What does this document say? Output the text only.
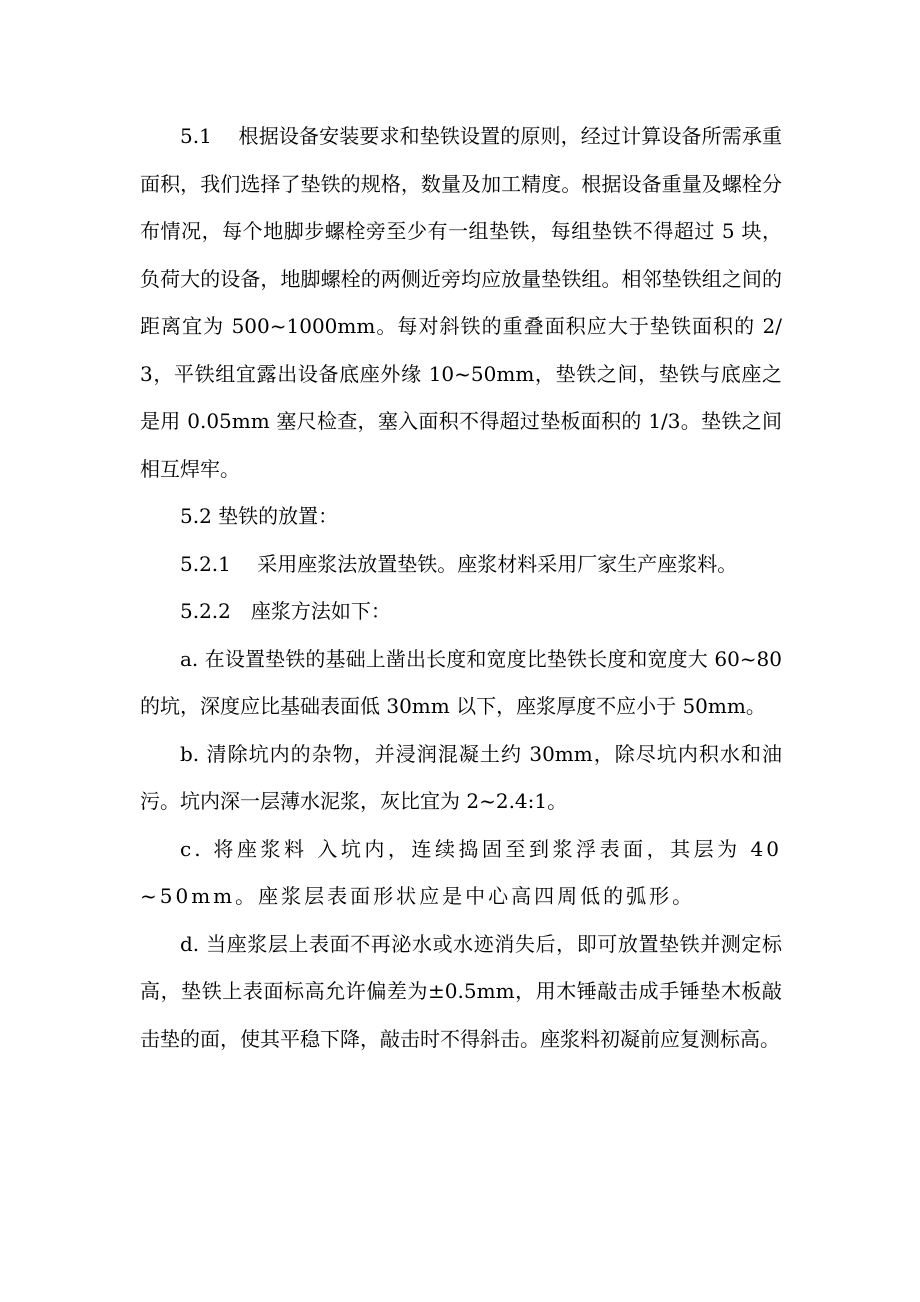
5.1　 根据设备安装要求和垫铁设置的原则，经过计算设备所需承重面积，我们选择了垫铁的规格，数量及加工精度。根据设备重量及螺栓分布情况，每个地脚步螺栓旁至少有一组垫铁，每组垫铁不得超过 5 块，负荷大的设备，地脚螺栓的两侧近旁均应放量垫铁组。相邻垫铁组之间的距离宜为 500~1000mm。每对斜铁的重叠面积应大于垫铁面积的 2/3，平铁组宜露出设备底座外缘 10~50mm，垫铁之间，垫铁与底座之是用 0.05mm 塞尺检查，塞入面积不得超过垫板面积的 1/3。垫铁之间相互焊牢。

5.2 垫铁的放置：

5.2.1　 采用座浆法放置垫铁。座浆材料采用厂家生产座浆料。

5.2.2　座浆方法如下：

a. 在设置垫铁的基础上凿出长度和宽度比垫铁长度和宽度大 60~80 的坑，深度应比基础表面低 30mm 以下，座浆厚度不应小于 50mm。

b. 清除坑内的杂物，并浸润混凝土约 30mm，除尽坑内积水和油污。坑内深一层薄水泥浆，灰比宜为 2~2.4:1。

c. 将座浆料 入坑内，连续捣固至到浆浮表面，其层为 40~50mm。座浆层表面形状应是中心高四周低的弧形。

d. 当座浆层上表面不再泌水或水迹消失后，即可放置垫铁并测定标高，垫铁上表面标高允许偏差为±0.5mm，用木锤敲击成手锤垫木板敲击垫的面，使其平稳下降，敲击时不得斜击。座浆料初凝前应复测标高。
